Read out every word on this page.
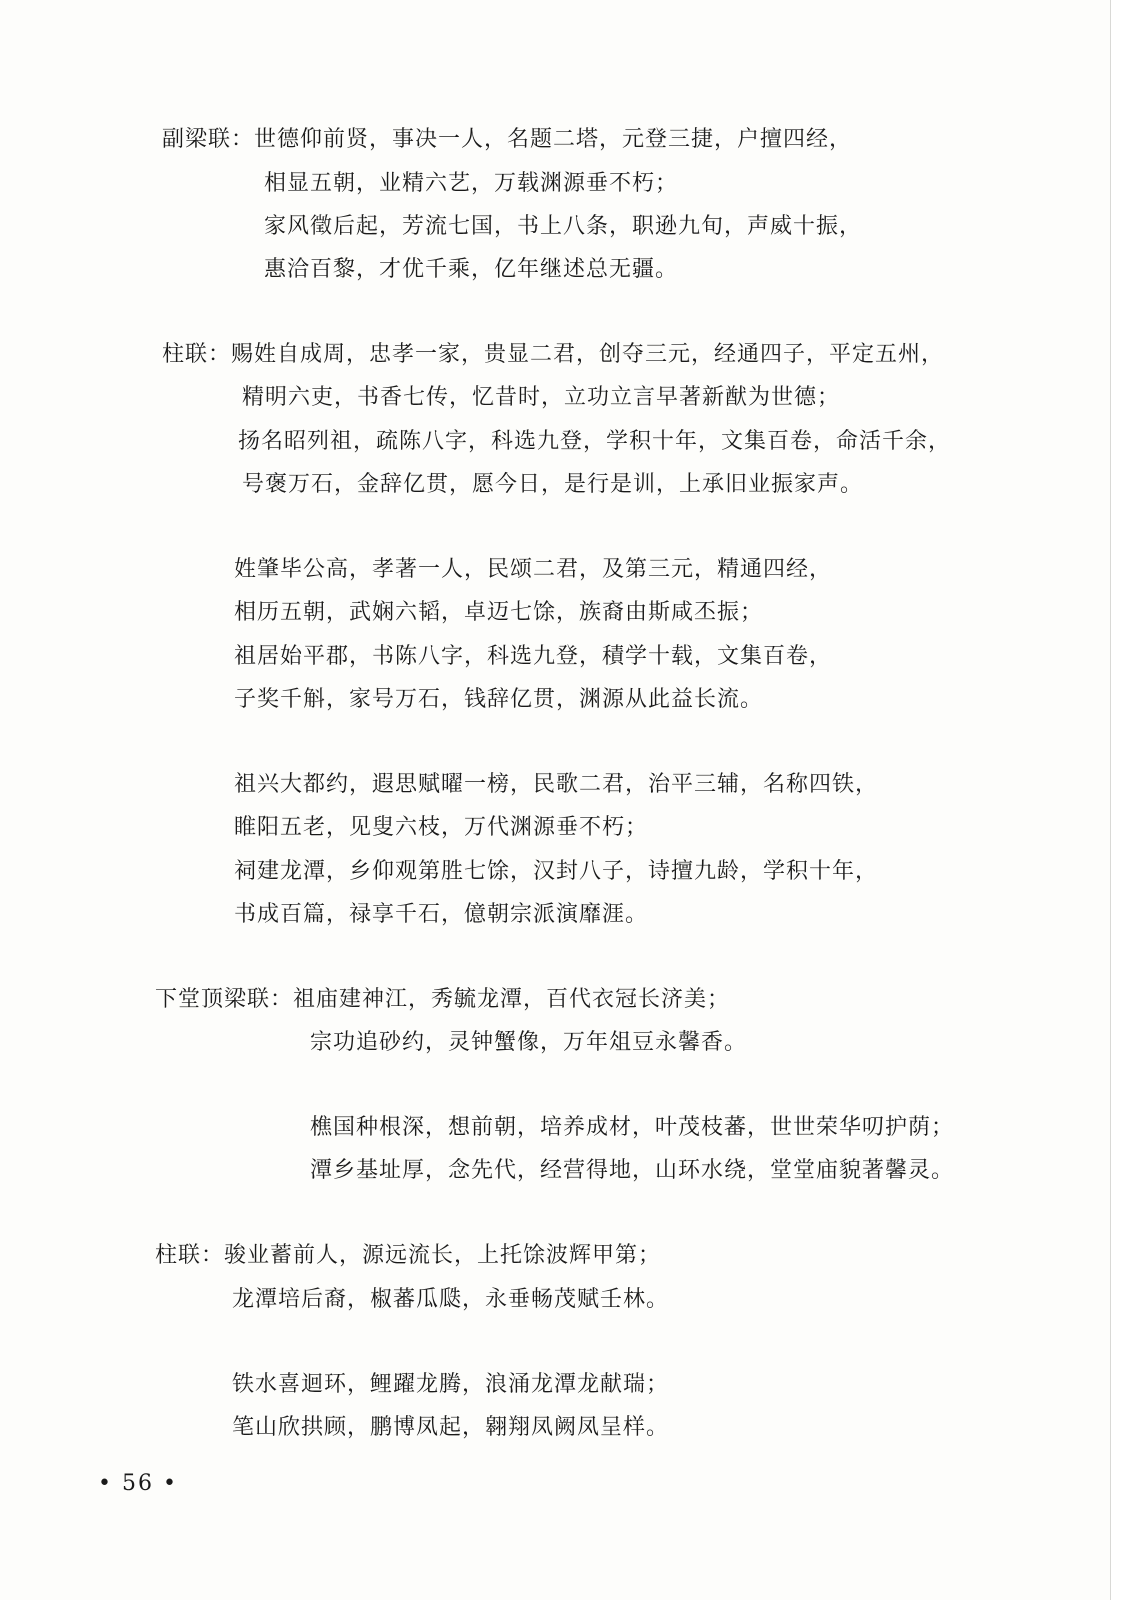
副梁联：世德仰前贤，事决一人，名题二塔，元登三捷，户擅四经，
相显五朝，业精六艺，万载渊源垂不朽；
家风徵后起，芳流七国，书上八条，职逊九旬，声威十振，
惠洽百黎，才优千乘，亿年继述总无疆。
柱联：赐姓自成周，忠孝一家，贵显二君，创夺三元，经通四子，平定五州，
精明六吏，书香七传，忆昔时，立功立言早著新猷为世德；
扬名昭列祖，疏陈八字，科选九登，学积十年，文集百卷，命活千余，
号褒万石，金辞亿贯，愿今日，是行是训，上承旧业振家声。
姓肇毕公高，孝著一人，民颂二君，及第三元，精通四经，
相历五朝，武娴六韬，卓迈七馀，族裔由斯咸丕振；
祖居始平郡，书陈八字，科选九登，積学十载，文集百卷，
子奖千斛，家号万石，钱辞亿贯，渊源从此益长流。
祖兴大都约，遐思赋曜一榜，民歌二君，治平三辅，名称四铁，
睢阳五老，见叟六枝，万代渊源垂不朽；
祠建龙潭，乡仰观第胜七馀，汉封八子，诗擅九龄，学积十年，
书成百篇，禄享千石，億朝宗派演靡涯。
下堂顶梁联：祖庙建神江，秀毓龙潭，百代衣冠长济美；
宗功追砂约，灵钟蟹像，万年俎豆永馨香。
樵国种根深，想前朝，培养成材，叶茂枝蕃，世世荣华叨护荫；
潭乡基址厚，念先代，经营得地，山环水绕，堂堂庙貌著馨灵。
柱联：骏业蓄前人，源远流长，上托馀波辉甲第；
龙潭培后裔，椒蕃瓜瓞，永垂畅茂赋壬林。
铁水喜迴环，鲤躍龙腾，浪涌龙潭龙献瑞；
笔山欣拱顾，鹏博凤起，翱翔凤阙凤呈样。
• 56 •
